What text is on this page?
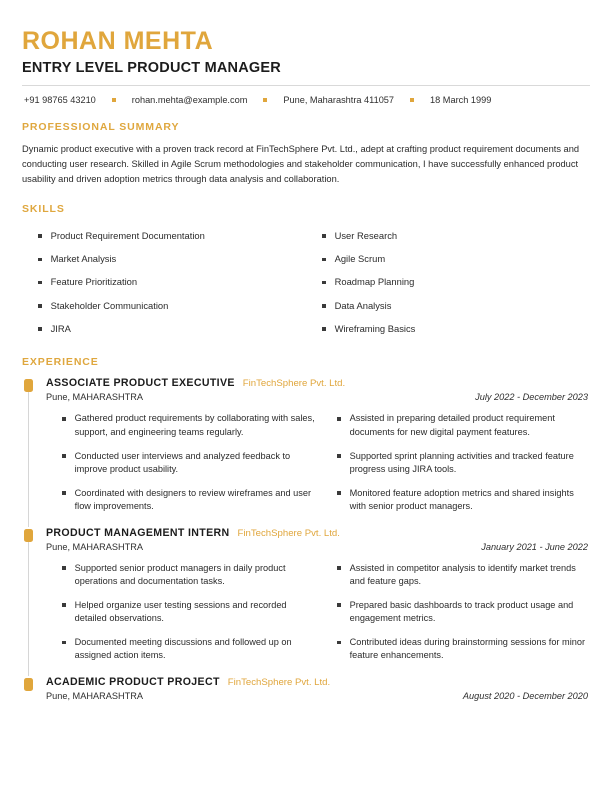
ROHAN MEHTA
ENTRY LEVEL PRODUCT MANAGER
+91 98765 43210	rohan.mehta@example.com	Pune, Maharashtra 411057	18 March 1999
PROFESSIONAL SUMMARY
Dynamic product executive with a proven track record at FinTechSphere Pvt. Ltd., adept at crafting product requirement documents and conducting user research. Skilled in Agile Scrum methodologies and stakeholder communication, I have successfully enhanced product usability and driven adoption metrics through data analysis and collaboration.
SKILLS
Product Requirement Documentation	User Research
Market Analysis	Agile Scrum
Feature Prioritization	Roadmap Planning
Stakeholder Communication	Data Analysis
JIRA	Wireframing Basics
EXPERIENCE
ASSOCIATE PRODUCT EXECUTIVE FinTechSphere Pvt. Ltd.
Pune, MAHARASHTRA	July 2022 - December 2023
Gathered product requirements by collaborating with sales, support, and engineering teams regularly.
Conducted user interviews and analyzed feedback to improve product usability.
Coordinated with designers to review wireframes and user flow improvements.
Assisted in preparing detailed product requirement documents for new digital payment features.
Supported sprint planning activities and tracked feature progress using JIRA tools.
Monitored feature adoption metrics and shared insights with senior product managers.
PRODUCT MANAGEMENT INTERN FinTechSphere Pvt. Ltd.
Pune, MAHARASHTRA	January 2021 - June 2022
Supported senior product managers in daily product operations and documentation tasks.
Helped organize user testing sessions and recorded detailed observations.
Documented meeting discussions and followed up on assigned action items.
Assisted in competitor analysis to identify market trends and feature gaps.
Prepared basic dashboards to track product usage and engagement metrics.
Contributed ideas during brainstorming sessions for minor feature enhancements.
ACADEMIC PRODUCT PROJECT FinTechSphere Pvt. Ltd.
Pune, MAHARASHTRA	August 2020 - December 2020
